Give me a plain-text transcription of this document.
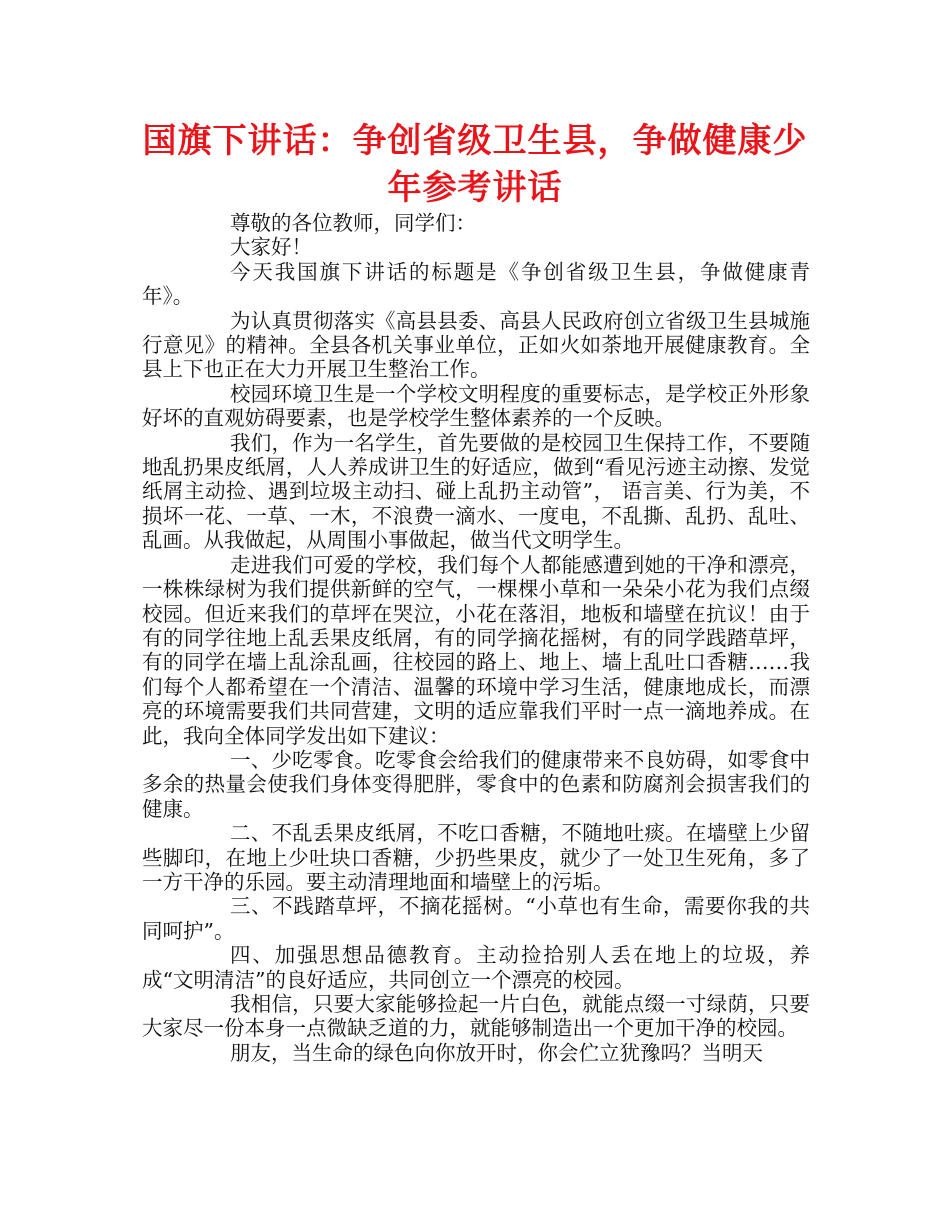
国旗下讲话：争创省级卫生县，争做健康少年参考讲话

尊敬的各位教师，同学们：

大家好！

今天我国旗下讲话的标题是《争创省级卫生县，争做健康青年》。

为认真贯彻落实《高县县委、高县人民政府创立省级卫生县城施行意见》的精神。全县各机关事业单位，正如火如荼地开展健康教育。全县上下也正在大力开展卫生整治工作。

校园环境卫生是一个学校文明程度的重要标志，是学校正外形象好坏的直观妨碍要素，也是学校学生整体素养的一个反映。

我们，作为一名学生，首先要做的是校园卫生保持工作，不要随地乱扔果皮纸屑，人人养成讲卫生的好适应，做到“看见污迹主动擦、发觉纸屑主动捡、遇到垃圾主动扫、碰上乱扔主动管”， 语言美、行为美，不损坏一花、一草、一木，不浪费一滴水、一度电，不乱撕、乱扔、乱吐、乱画。从我做起，从周围小事做起，做当代文明学生。

走进我们可爱的学校，我们每个人都能感遭到她的干净和漂亮，一株株绿树为我们提供新鲜的空气，一棵棵小草和一朵朵小花为我们点缀校园。但近来我们的草坪在哭泣，小花在落泪，地板和墙壁在抗议！由于有的同学往地上乱丢果皮纸屑，有的同学摘花摇树，有的同学践踏草坪，有的同学在墙上乱涂乱画，往校园的路上、地上、墙上乱吐口香糖……我们每个人都希望在一个清洁、温馨的环境中学习生活，健康地成长，而漂亮的环境需要我们共同营建，文明的适应靠我们平时一点一滴地养成。在此，我向全体同学发出如下建议：

一、少吃零食。吃零食会给我们的健康带来不良妨碍，如零食中多余的热量会使我们身体变得肥胖，零食中的色素和防腐剂会损害我们的健康。

二、不乱丢果皮纸屑，不吃口香糖，不随地吐痰。在墙壁上少留些脚印，在地上少吐块口香糖，少扔些果皮，就少了一处卫生死角，多了一方干净的乐园。要主动清理地面和墙壁上的污垢。

三、不践踏草坪，不摘花摇树。“小草也有生命，需要你我的共同呵护”。

四、加强思想品德教育。主动捡拾别人丢在地上的垃圾，养成“文明清洁”的良好适应，共同创立一个漂亮的校园。

我相信，只要大家能够捡起一片白色，就能点缀一寸绿荫，只要大家尽一份本身一点微缺乏道的力，就能够制造出一个更加干净的校园。

朋友，当生命的绿色向你放开时，你会伫立犹豫吗？当明天
